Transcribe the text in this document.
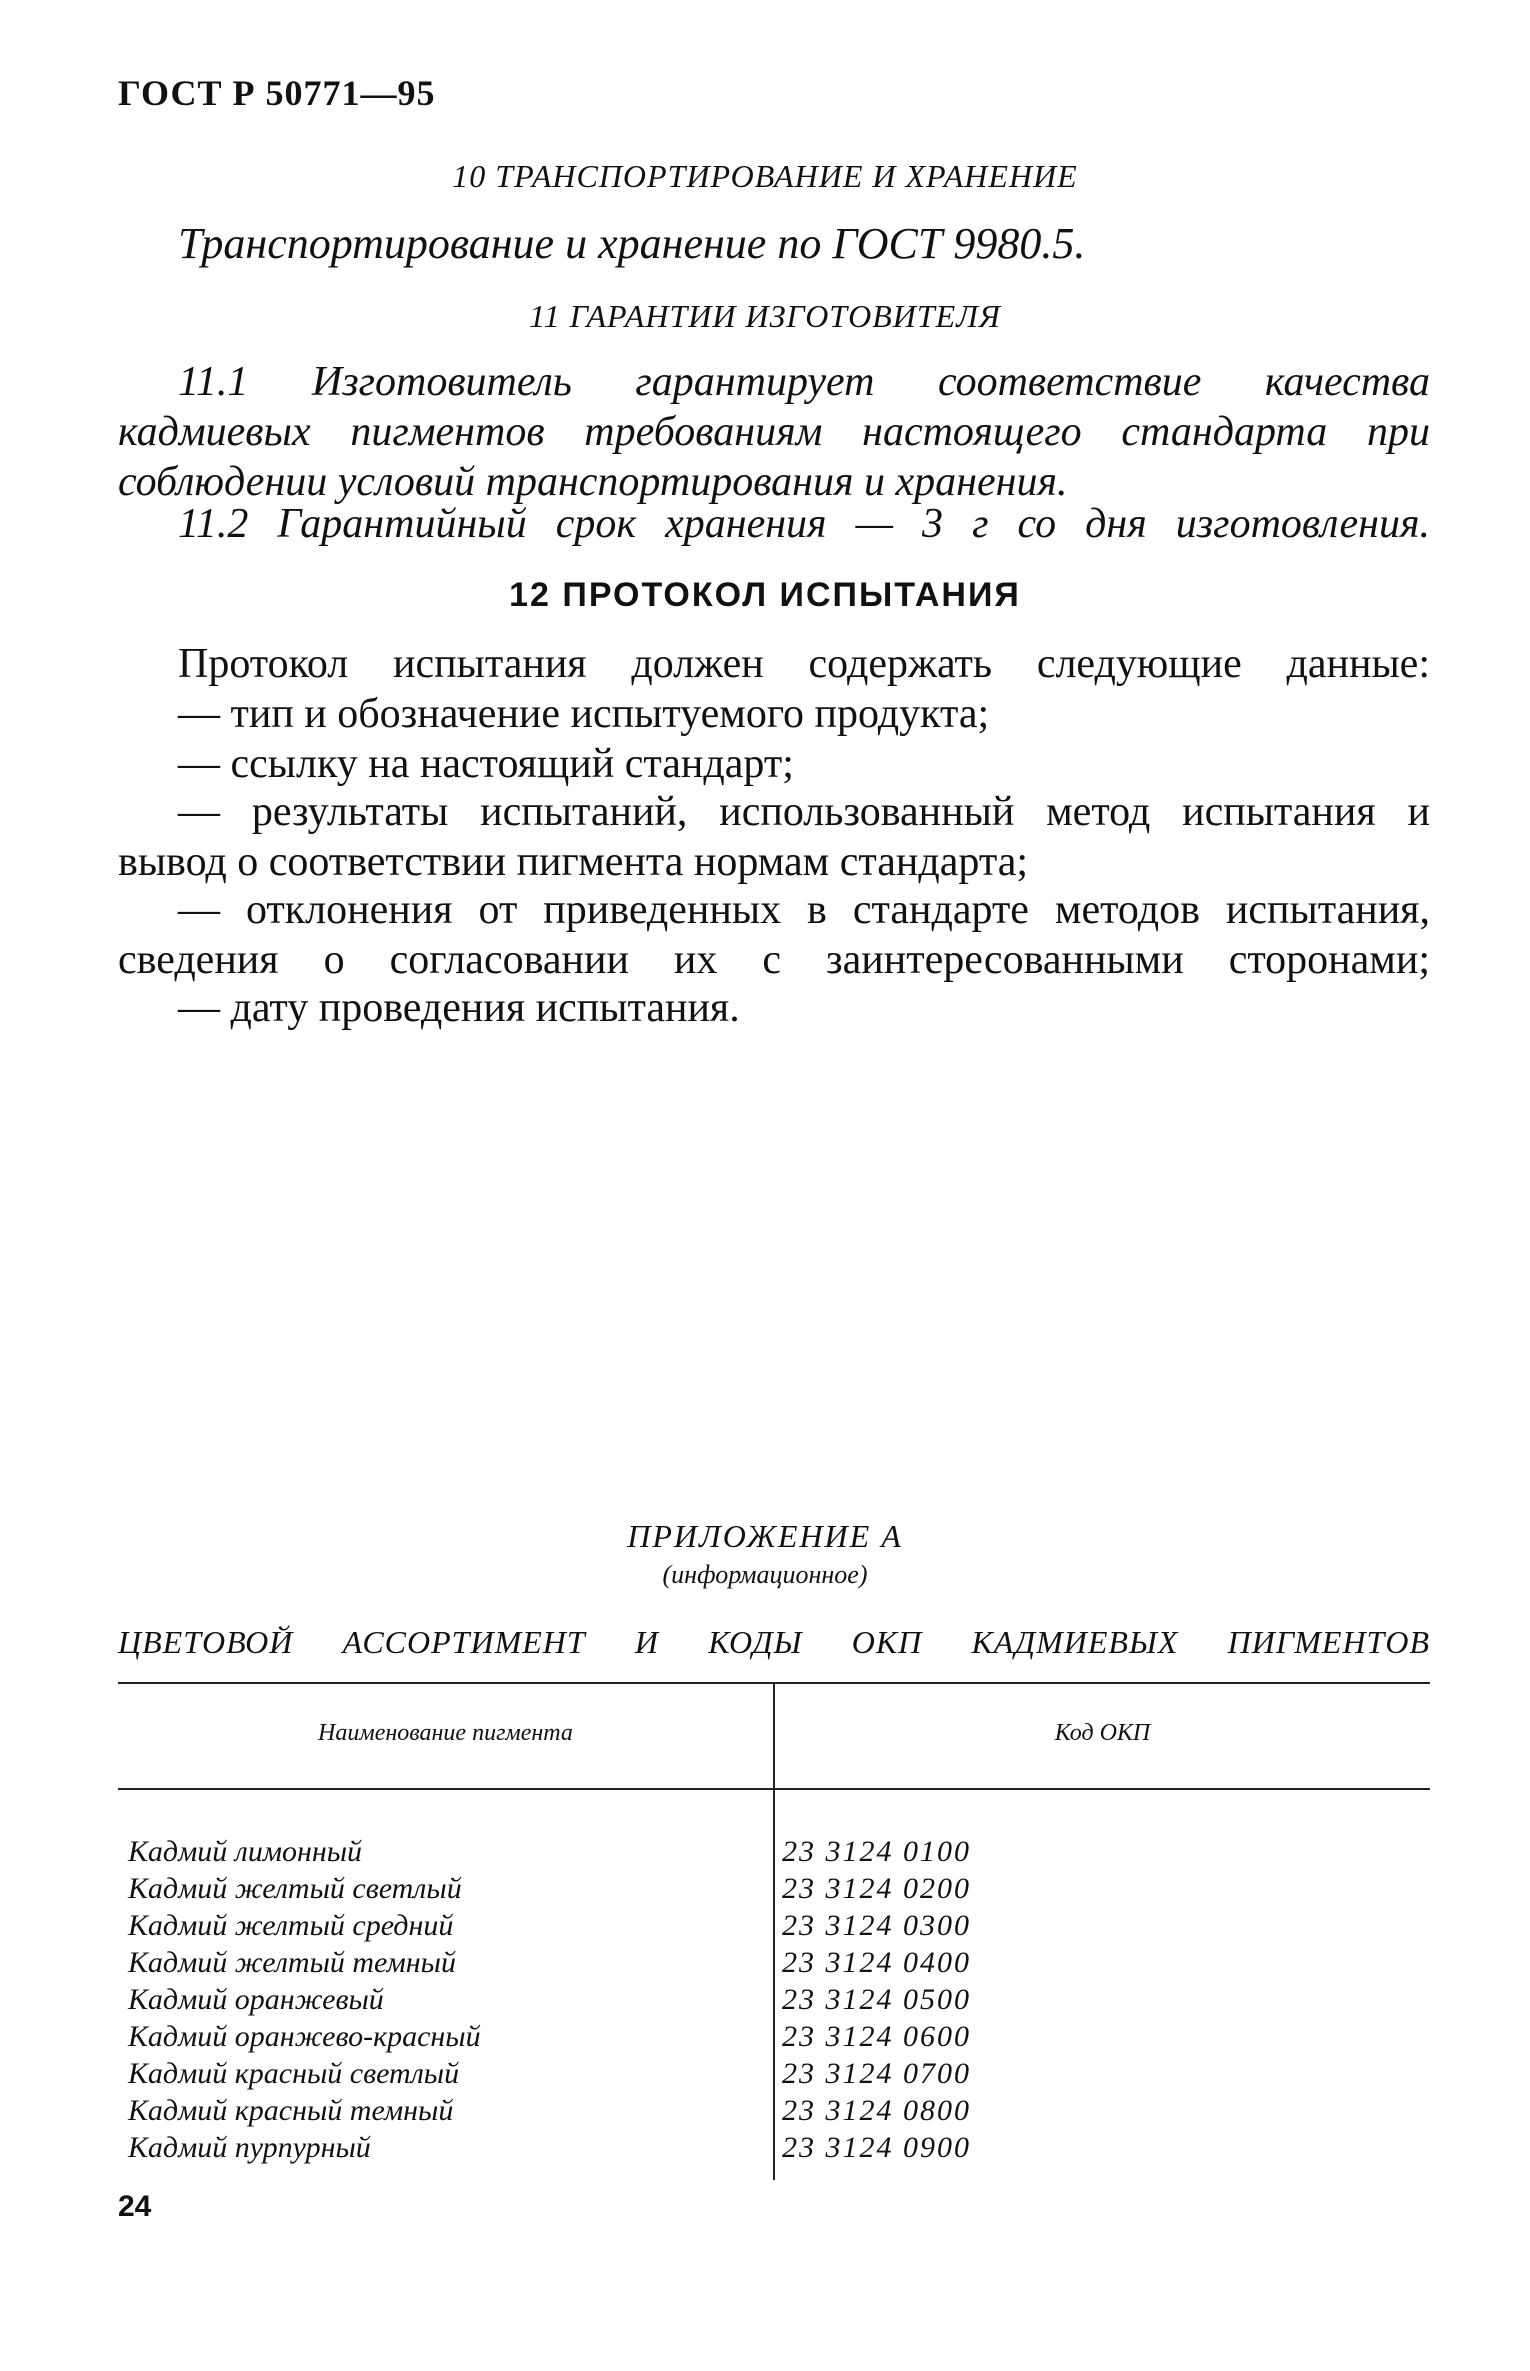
ГОСТ Р 50771—95
10 ТРАНСПОРТИРОВАНИЕ И ХРАНЕНИЕ
Транспортирование и хранение по ГОСТ 9980.5.
11 ГАРАНТИИ ИЗГОТОВИТЕЛЯ
11.1 Изготовитель гарантирует соответствие качества
кадмиевых пигментов требованиям настоящего стандарта при
соблюдении условий транспортирования и хранения.
11.2 Гарантийный срок хранения — 3 г со дня изготовления.
12 ПРОТОКОЛ ИСПЫТАНИЯ
Протокол испытания должен содержать следующие данные:
— тип и обозначение испытуемого продукта;
— ссылку на настоящий стандарт;
— результаты испытаний, использованный метод испытания и
вывод о соответствии пигмента нормам стандарта;
— отклонения от приведенных в стандарте методов испытания,
сведения о согласовании их с заинтересованными сторонами;
— дату проведения испытания.
ПРИЛОЖЕНИЕ А
(информационное)
ЦВЕТОВОЙ АССОРТИМЕНТ И КОДЫ ОКП КАДМИЕВЫХ ПИГМЕНТОВ
Наименование пигмента	Код ОКП
Кадмий лимонный	23 3124 0100
Кадмий желтый светлый	23 3124 0200
Кадмий желтый средний	23 3124 0300
Кадмий желтый темный	23 3124 0400
Кадмий оранжевый	23 3124 0500
Кадмий оранжево-красный	23 3124 0600
Кадмий красный светлый	23 3124 0700
Кадмий красный темный	23 3124 0800
Кадмий пурпурный	23 3124 0900
24
